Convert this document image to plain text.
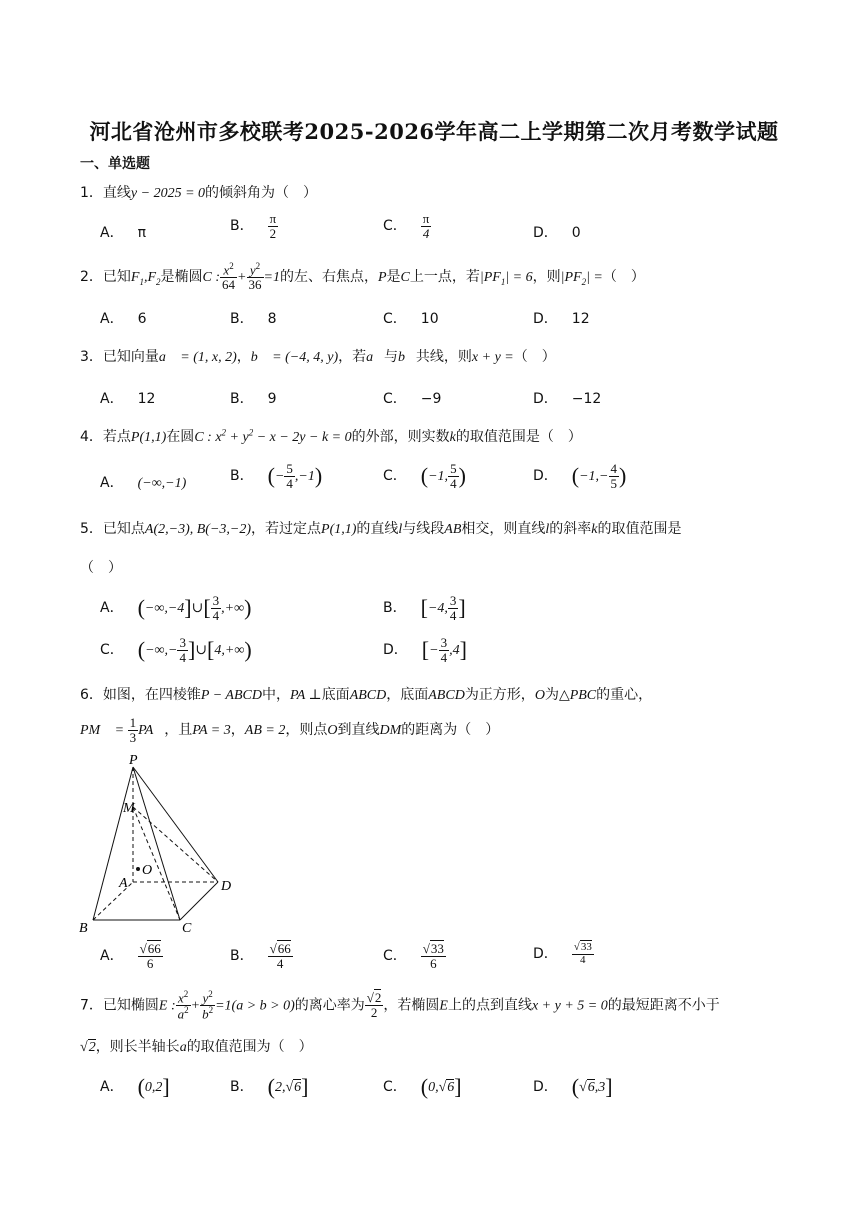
河北省沧州市多校联考2025-2026学年高二上学期第二次月考数学试题
一、单选题
1．直线y − 2025 = 0的倾斜角为（　）
A． π	B． $\frac{\pi}{2}$	C． $\frac{\pi}{4}$	D． 0
2．已知$F_1,F_2$是椭圆C : $\frac{x^2}{64} + \frac{y^2}{36} =1$的左、右焦点，P是C上一点，若$|PF_1| = 6$，则$|PF_2|$ =（　）
A． 6	B． 8	C． 10	D． 12
3．已知向量a⃗ = (1, x, 2)，b⃗ = (−4, 4, y)，若a⃗与b⃗共线，则x + y =（　）
A． 12	B． 9	C． −9	D． −12
4．若点P(1,1)在圆C : $x^2 + y^2 - x - 2y - k = 0$的外部，则实数k的取值范围是（　）
A． (−∞,−1)	B． (− $\frac{5}{4} ,-1$)	C． (−1, $\frac{5}{4}$ )	D． ($-1,- \frac{4}{5}$ )
5．已知点A(2,−3), B(−3,−2)，若过定点P(1,1)的直线l与线段AB相交，则直线l的斜率k的取值范围是
（　）
A． (−∞,−4]∪[ $\frac{3}{4}$ ,+∞)	B． [−4, $\frac{3}{4}$ ]
C． (−∞,− $\frac{3}{4}$ ]∪[4,+∞)	D． [− $\frac{3}{4} ,4$]
6．如图，在四棱锥P − ABCD中，PA ⊥底面ABCD，底面ABCD为正方形，O为△PBC的重心，
PM⃗ = $\frac{1}{3}$ PA⃗，且PA = 3，AB = 2，则点O到直线DM的距离为（　）
P
M
O
A	D
B	C
A． $\frac{√66}{6}$	B． $\frac{√66}{4}$	C． $\frac{√33}{6}$	D． $\frac{√33}{4}$
7．已知椭圆E : $\frac{x^2}{a^2} + \frac{y^2}{b^2} =1(a > b > 0)$的离心率为 $\frac{√2}{2}$ ，若椭圆E上的点到直线x + y + 5 = 0的最短距离不小于
√2，则长半轴长a的取值范围为（　）
A． (0,2]	B． (2,√6]	C． (0,√6]	D． (√6,3]
